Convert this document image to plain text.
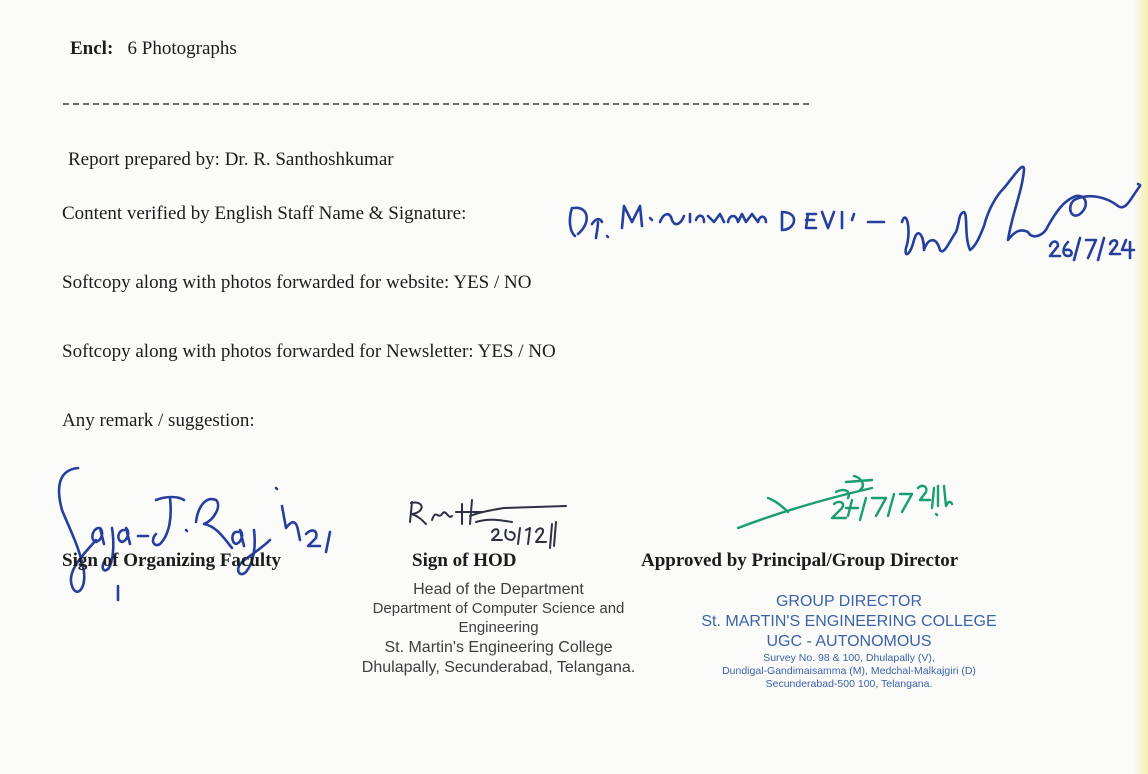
Encl: 6 Photographs
Report prepared by: Dr. R. Santhoshkumar
Content verified by English Staff Name & Signature:
Softcopy along with photos forwarded for website: YES / NO
Softcopy along with photos forwarded for Newsletter: YES / NO
Any remark / suggestion:
Sign of Organizing Faculty	Sign of HOD	Approved by Principal/Group Director
Head of the Department
Department of Computer Science and Engineering
St. Martin's Engineering College
Dhulapally, Secunderabad, Telangana.
GROUP DIRECTOR
St. MARTIN'S ENGINEERING COLLEGE
UGC - AUTONOMOUS
Survey No. 98 & 100, Dhulapally (V),
Dundigal-Gandimaisamma (M), Medchal-Malkajgiri (D)
Secunderabad-500 100, Telangana.
